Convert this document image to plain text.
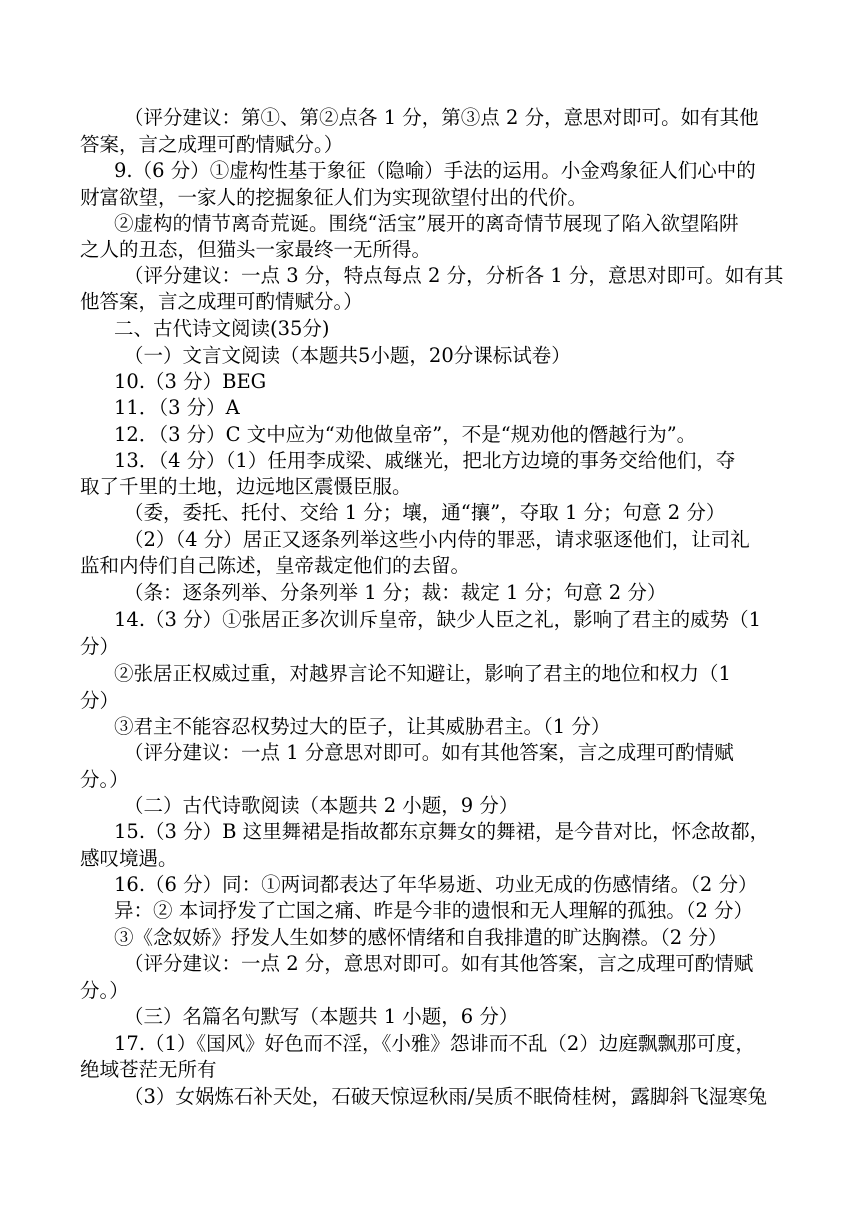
（评分建议：第①、第②点各 1 分，第③点 2 分，意思对即可。如有其他
答案，言之成理可酌情赋分。）
9.（6 分）①虚构性基于象征（隐喻）手法的运用。小金鸡象征人们心中的
财富欲望，一家人的挖掘象征人们为实现欲望付出的代价。
②虚构的情节离奇荒诞。围绕“活宝”展开的离奇情节展现了陷入欲望陷阱
之人的丑态，但猫头一家最终一无所得。
（评分建议：一点 3 分，特点每点 2 分，分析各 1 分，意思对即可。如有其
他答案，言之成理可酌情赋分。）
二、古代诗文阅读(35分)
（一）文言文阅读（本题共5小题，20分课标试卷）
10.（3 分）BEG
11．（3 分）A
12．（3 分）C 文中应为“劝他做皇帝”，不是“规劝他的僭越行为”。
13．（4 分）（1）任用李成梁、戚继光，把北方边境的事务交给他们，夺
取了千里的土地，边远地区震慑臣服。
（委，委托、托付、交给 1 分；壤，通“攘”，夺取 1 分；句意 2 分）
（2）（4 分）居正又逐条列举这些小内侍的罪恶，请求驱逐他们，让司礼
监和内侍们自己陈述，皇帝裁定他们的去留。
（条：逐条列举、分条列举 1 分；裁：裁定 1 分；句意 2 分）
14.（3 分）①张居正多次训斥皇帝，缺少人臣之礼，影响了君主的威势（1
分）
②张居正权威过重，对越界言论不知避让，影响了君主的地位和权力（1
分）
③君主不能容忍权势过大的臣子，让其威胁君主。（1 分）
（评分建议：一点 1 分意思对即可。如有其他答案，言之成理可酌情赋
分。）
（二）古代诗歌阅读（本题共 2 小题，9 分）
15.（3 分）B 这里舞裙是指故都东京舞女的舞裙，是今昔对比，怀念故都，
感叹境遇。
16.（6 分）同：①两词都表达了年华易逝、功业无成的伤感情绪。（2 分）
异：② 本词抒发了亡国之痛、昨是今非的遗恨和无人理解的孤独。（2 分）
③《念奴娇》抒发人生如梦的感怀情绪和自我排遣的旷达胸襟。（2 分）
（评分建议：一点 2 分，意思对即可。如有其他答案，言之成理可酌情赋
分。）
（三）名篇名句默写（本题共 1 小题，6 分）
17.（1）《国风》好色而不淫，《小雅》怨诽而不乱（2）边庭飘飘那可度，
绝域苍茫无所有
（3）女娲炼石补天处，石破天惊逗秋雨/吴质不眠倚桂树，露脚斜飞湿寒兔
